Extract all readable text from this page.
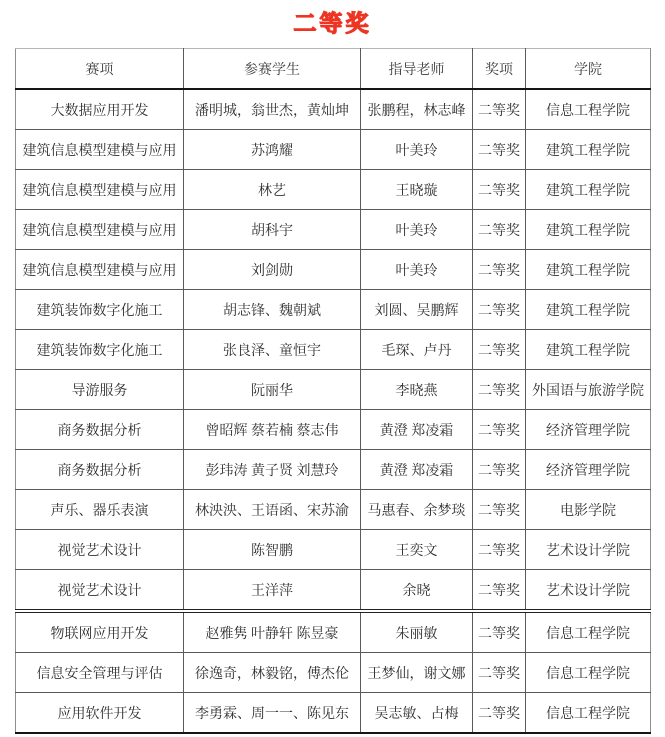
二等奖
赛项	参赛学生	指导老师	奖项	学院
大数据应用开发	潘明城，翁世杰，黄灿坤	张鹏程，林志峰	二等奖	信息工程学院
建筑信息模型建模与应用	苏鸿耀	叶美玲	二等奖	建筑工程学院
建筑信息模型建模与应用	林艺	王晓璇	二等奖	建筑工程学院
建筑信息模型建模与应用	胡科宇	叶美玲	二等奖	建筑工程学院
建筑信息模型建模与应用	刘剑勋	叶美玲	二等奖	建筑工程学院
建筑装饰数字化施工	胡志锋、魏朝斌	刘圆、吴鹏辉	二等奖	建筑工程学院
建筑装饰数字化施工	张良泽、童恒宇	毛琛、卢丹	二等奖	建筑工程学院
导游服务	阮丽华	李晓燕	二等奖	外国语与旅游学院
商务数据分析	曾昭辉 蔡若楠 蔡志伟	黄澄 郑凌霜	二等奖	经济管理学院
商务数据分析	彭玮涛 黄子贤 刘慧玲	黄澄 郑凌霜	二等奖	经济管理学院
声乐、器乐表演	林泱泱、王语函、宋苏渝	马惠春、余梦琰	二等奖	电影学院
视觉艺术设计	陈智鹏	王奕文	二等奖	艺术设计学院
视觉艺术设计	王洋萍	余晓	二等奖	艺术设计学院
物联网应用开发	赵雅隽 叶静轩 陈昱豪	朱丽敏	二等奖	信息工程学院
信息安全管理与评估	徐逸奇，林毅铭，傅杰伦	王梦仙，谢文娜	二等奖	信息工程学院
应用软件开发	李勇霖、周一一、陈见东	吴志敏、占梅	二等奖	信息工程学院
